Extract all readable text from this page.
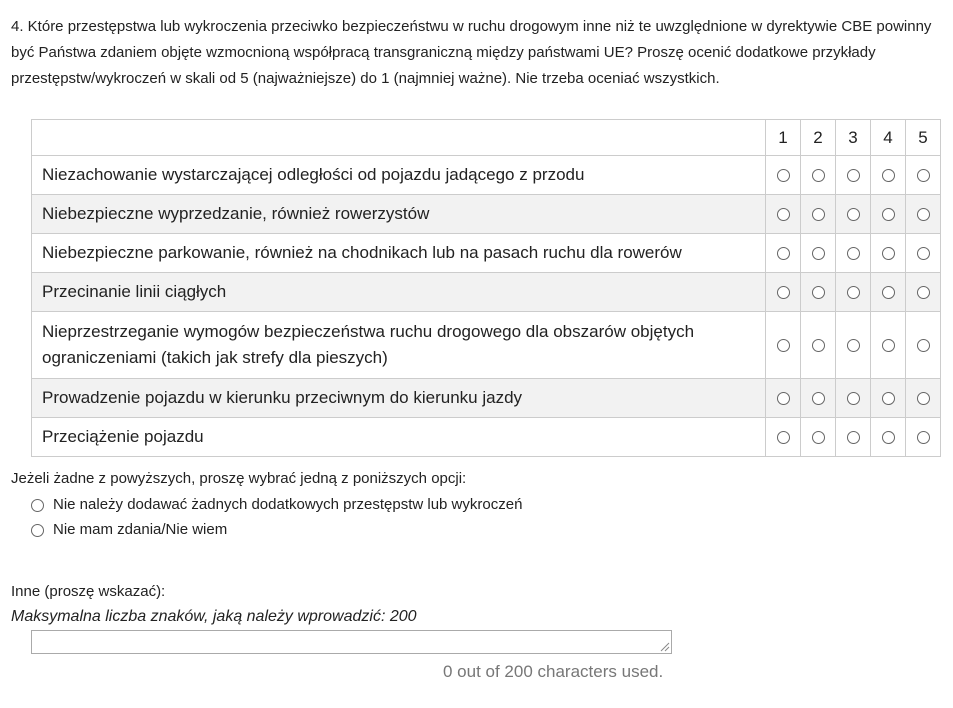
4. Które przestępstwa lub wykroczenia przeciwko bezpieczeństwu w ruchu drogowym inne niż te uwzględnione w dyrektywie CBE powinny być Państwa zdaniem objęte wzmocnioną współpracą transgraniczną między państwami UE? Proszę ocenić dodatkowe przykłady przestępstw/wykroczeń w skali od 5 (najważniejsze) do 1 (najmniej ważne). Nie trzeba oceniać wszystkich.

	1	2	3	4	5
Niezachowanie wystarczającej odległości od pojazdu jadącego z przodu					
Niebezpieczne wyprzedzanie, również rowerzystów					
Niebezpieczne parkowanie, również na chodnikach lub na pasach ruchu dla rowerów					
Przecinanie linii ciągłych					
Nieprzestrzeganie wymogów bezpieczeństwa ruchu drogowego dla obszarów objętych ograniczeniami (takich jak strefy dla pieszych)					
Prowadzenie pojazdu w kierunku przeciwnym do kierunku jazdy					
Przeciążenie pojazdu					
Jeżeli żadne z powyższych, proszę wybrać jedną z poniższych opcji:
Nie należy dodawać żadnych dodatkowych przestępstw lub wykroczeń
Nie mam zdania/Nie wiem
Inne (proszę wskazać):
Maksymalna liczba znaków, jaką należy wprowadzić: 200
0 out of 200 characters used.
